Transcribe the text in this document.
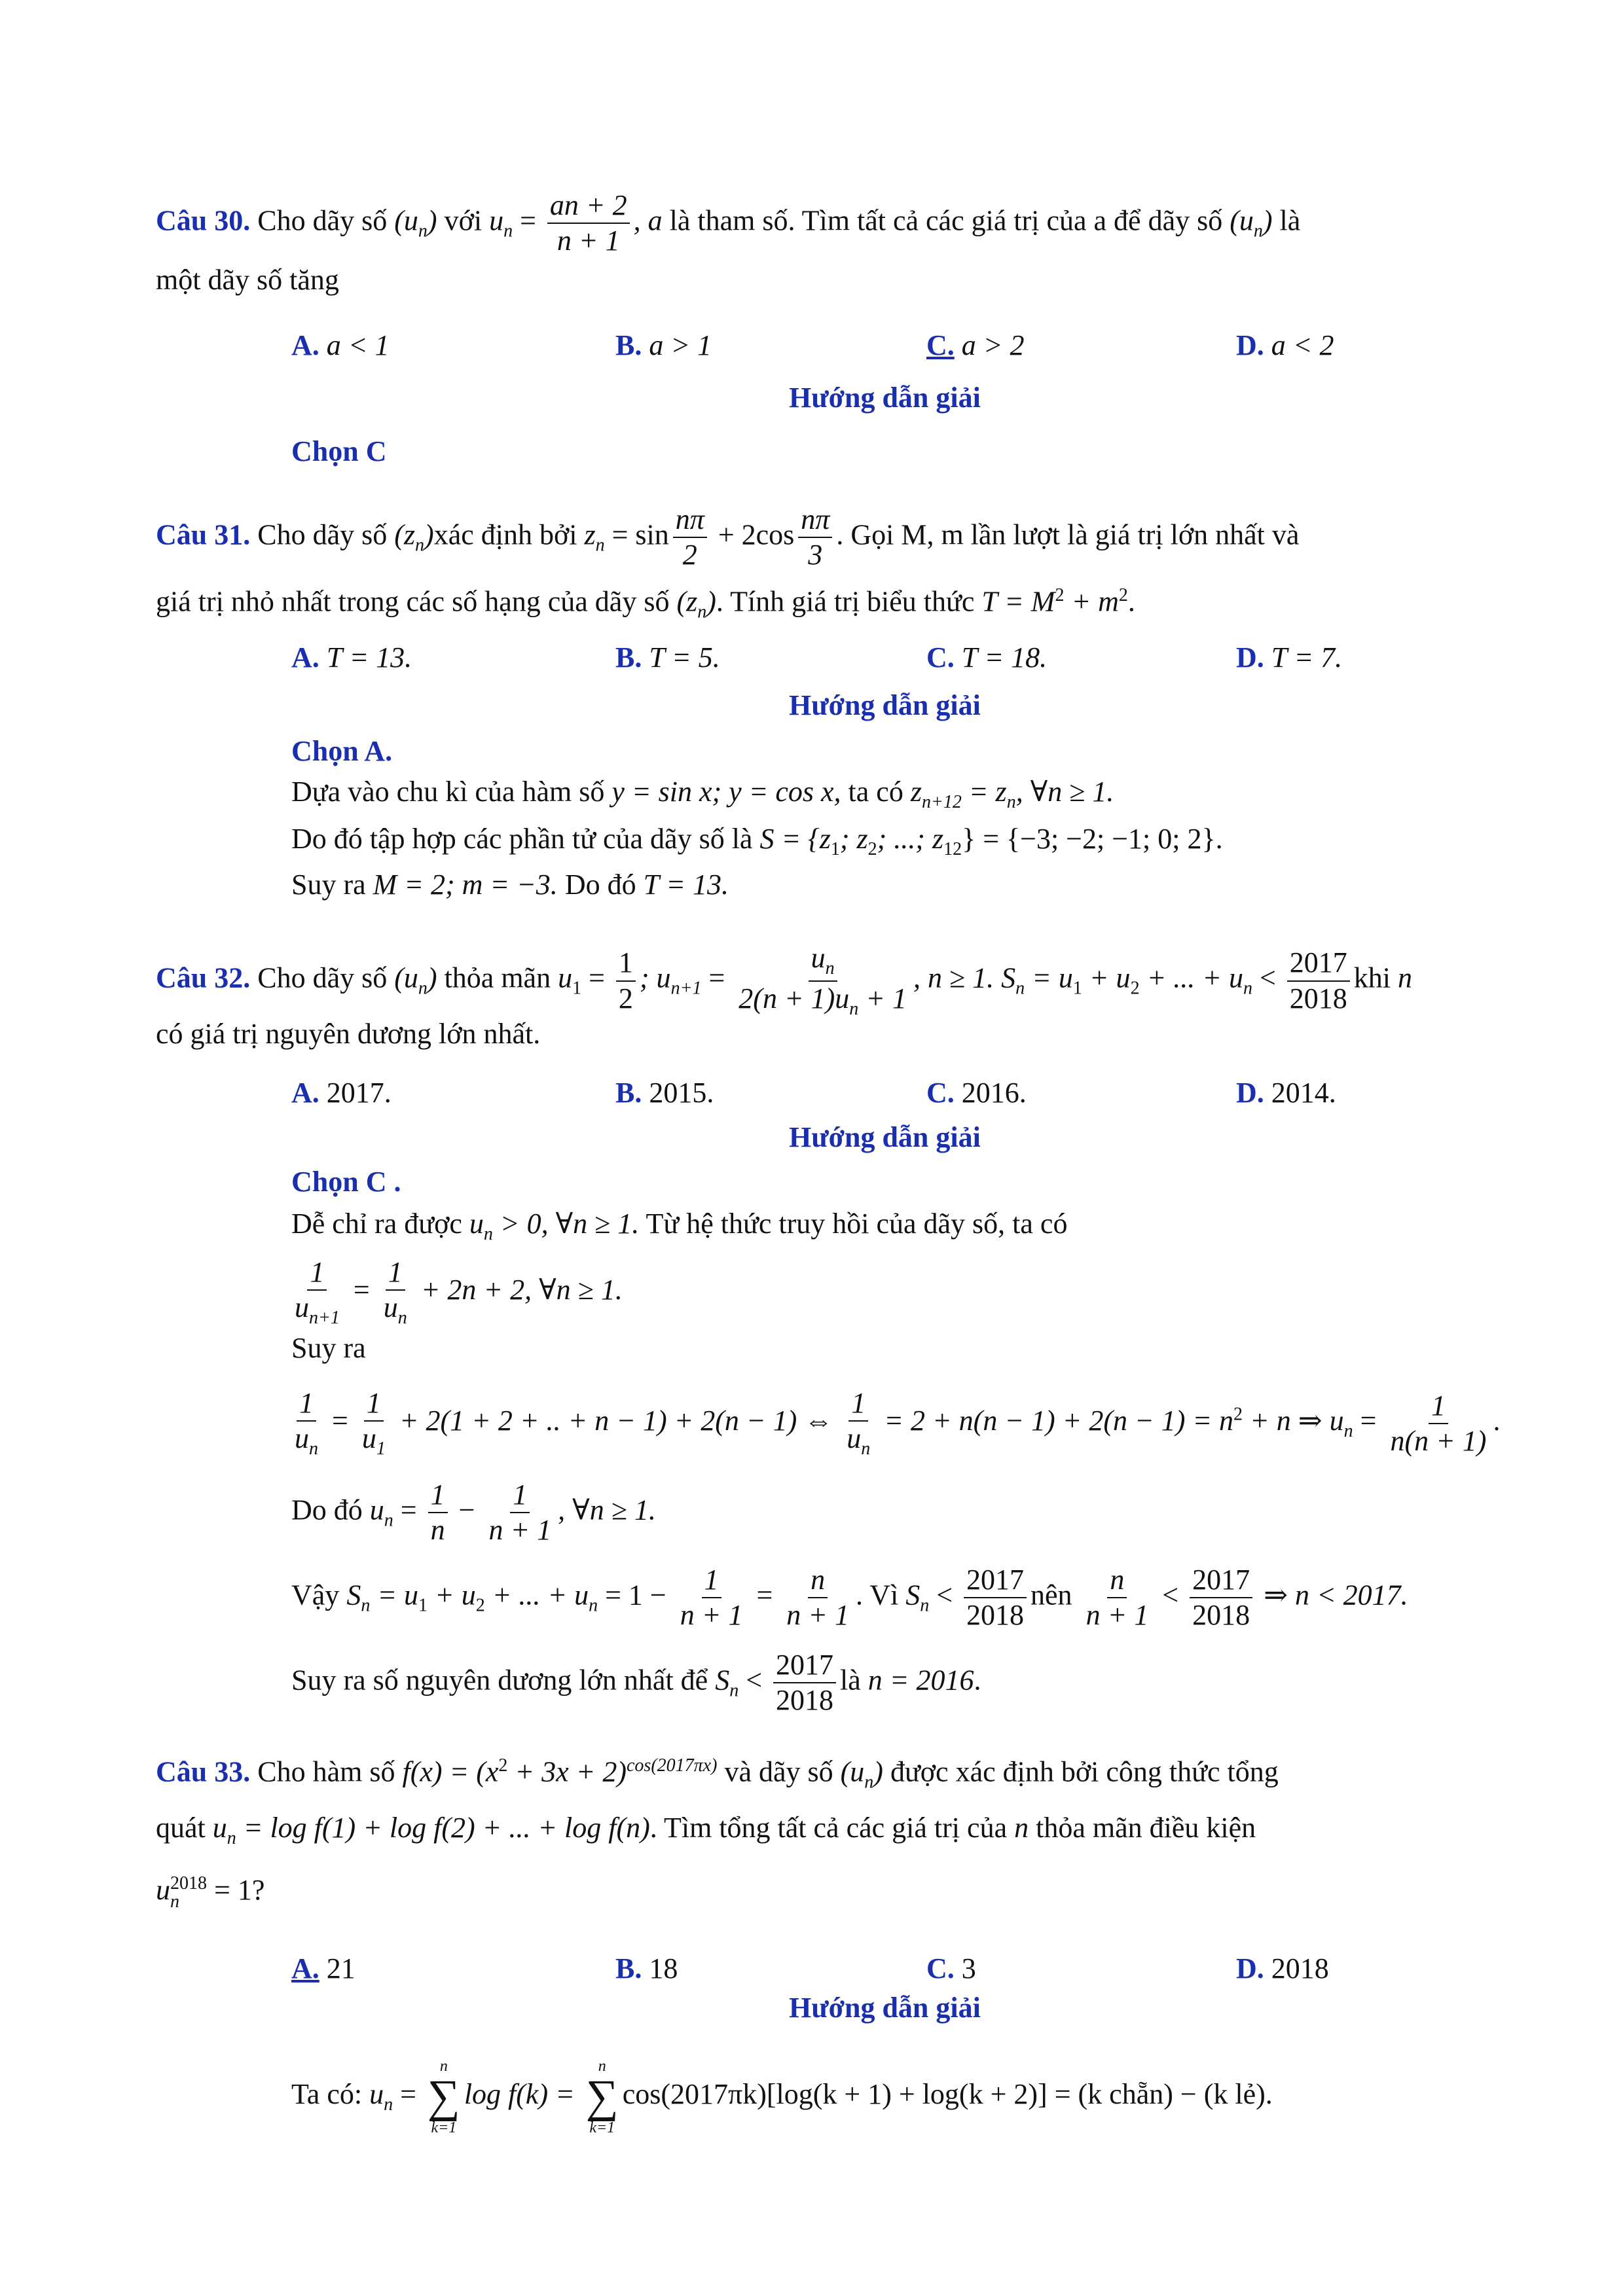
Câu 30. Cho dãy số $(u_n)$ với $u_n = \frac{an + 2}{n + 1}$ , a là tham số. Tìm tất cả các giá trị của a để dãy số $(u_n)$ là
một dãy số tăng
A. a < 1	B. a > 1	C. a > 2	D. a < 2
Hướng dẫn giải
Chọn C
Câu 31. Cho dãy số $(z_n)xác$ định bởi $z_n = \sin \frac{n\pi}{2} + 2\cos \frac{n\pi}{3}$ . Gọi M, m lần lượt là giá trị lớn nhất và
giá trị nhỏ nhất trong các số hạng của dãy số $(z_n)$. Tính giá trị biểu thức $T = M^2 + m^2$.
A. T = 13.	B. T = 5.	C. T = 18.	D. T = 7.
Hướng dẫn giải
Chọn A.
Dựa vào chu kì của hàm số y = sin x; y = cos x, ta có $z_{n+12} = z_n$, ∀n ≥ 1.
Do đó tập hợp các phần tử của dãy số là $S = \{z_1$; $z_2$; ...; $z_{12}\} = \{-3$; −2; −1; 0; 2}.
Suy ra M = 2; m = −3. Do đó T = 13.
Câu 32. Cho dãy số $(u_n)$ thỏa mãn $u_1 = \frac{1}{2}$ ; $u_{n+1} = \frac{u_n}{2(n + 1)u_n + 1}$ , n ≥ 1. $S_n = u_1 + u_2$ + ... + $u_n < \frac{2017}{2018}$ khi n
có giá trị nguyên dương lớn nhất.
A. 2017.	B. 2015.	C. 2016.	D. 2014.
Hướng dẫn giải
Chọn C .
Dễ chỉ ra được $u_n > 0$, ∀n ≥ 1. Từ hệ thức truy hồi của dãy số, ta có
$\frac{1}{u_{n+1}} = \frac{1}{u_n} + 2n + 2$, ∀n ≥ 1.
Suy ra
$\frac{1}{u_n} = \frac{1}{u_1} + 2(1 + 2$ + .. + n − 1) + 2(n − 1) ⇔ $\frac{1}{u_n} = 2 + n(n - 1) + 2(n - 1) = n^2 + n$ ⇒ $u_n = \frac{1}{n(n + 1)}$ .
Do đó $u_n = \frac{1}{n} - \frac{1}{n + 1}$ , ∀n ≥ 1.
Vậy $S_n = u_1 + u_2$ + ... + $u_n = 1 - \frac{1}{n + 1} = \frac{n}{n + 1}$ . Vì $S_n < \frac{2017}{2018}$ nên $\frac{n}{n + 1} < \frac{2017}{2018}$ ⇒ n < 2017.
Suy ra số nguyên dương lớn nhất để $S_n < \frac{2017}{2018}$ là n = 2016.
Câu 33. Cho hàm số $f(x) = (x^2 + 3x + 2)^{cos(2017\pi x)}$ và dãy số $(u_n)$ được xác định bởi công thức tổng
quát $u_n = \log f(1) + \log f(2)$ + ... + log f(n). Tìm tổng tất cả các giá trị của n thỏa mãn điều kiện
u 2018
n = 1?
A. 21	B. 18	C. 3	D. 2018
Hướng dẫn giải
Ta có: $u_n$ =
n
∑
k=1
log f(k) =
n
∑
k=1
cos(2017πk)[log(k + 1) + log(k + 2)] = (k chẵn) − (k lẻ).
